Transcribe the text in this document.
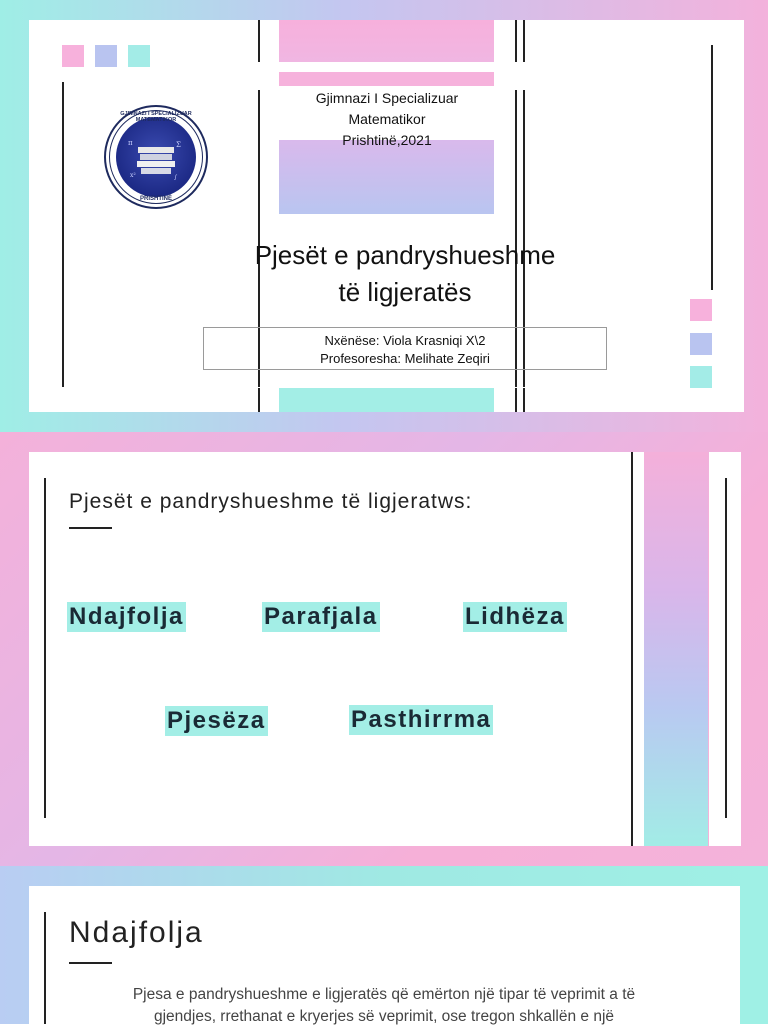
π	Σ
x²	∫
GJIMNAZI I SPECIALIZUAR MATEMATIKOR
PRISHTINË
Gjimnazi I Specializuar
Matematikor
Prishtinë,2021
Pjesët e pandryshueshme
të ligjeratës
Nxënëse: Viola Krasniqi X\2
Profesoresha: Melihate Zeqiri
Pjesët e pandryshueshme të ligjeratws:
Ndajfolja	Parafjala	Lidhëza
Pjesëza	Pasthirrma
Ndajfolja
Pjesa e pandryshueshme e ligjeratës që emërton një tipar të veprimit a të
gjendjes, rrethanat e kryerjes së veprimit, ose tregon shkallën e një
